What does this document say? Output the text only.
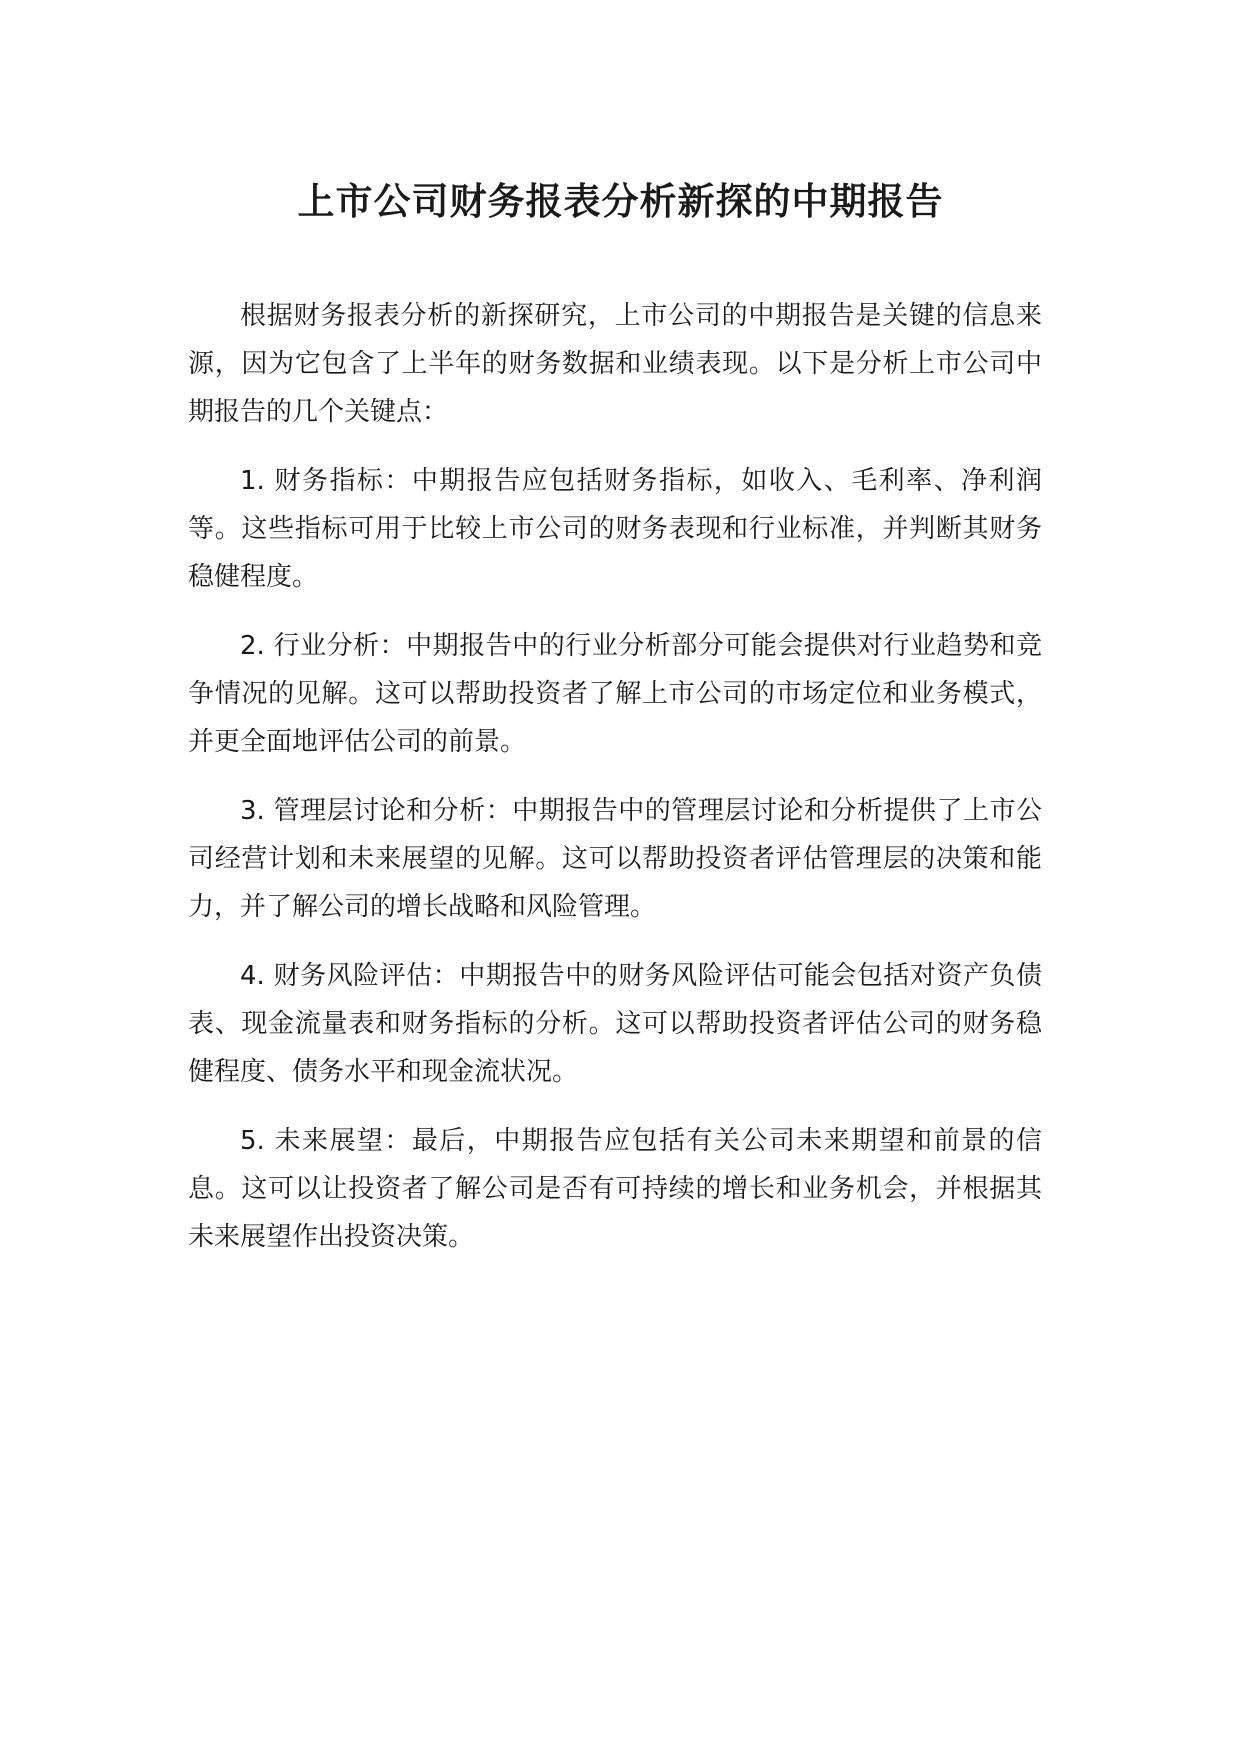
上市公司财务报表分析新探的中期报告

根据财务报表分析的新探研究，上市公司的中期报告是关键的信息来源，因为它包含了上半年的财务数据和业绩表现。以下是分析上市公司中期报告的几个关键点：

1. 财务指标：中期报告应包括财务指标，如收入、毛利率、净利润等。这些指标可用于比较上市公司的财务表现和行业标准，并判断其财务稳健程度。

2. 行业分析：中期报告中的行业分析部分可能会提供对行业趋势和竞争情况的见解。这可以帮助投资者了解上市公司的市场定位和业务模式，并更全面地评估公司的前景。

3. 管理层讨论和分析：中期报告中的管理层讨论和分析提供了上市公司经营计划和未来展望的见解。这可以帮助投资者评估管理层的决策和能力，并了解公司的增长战略和风险管理。

4. 财务风险评估：中期报告中的财务风险评估可能会包括对资产负债表、现金流量表和财务指标的分析。这可以帮助投资者评估公司的财务稳健程度、债务水平和现金流状况。

5. 未来展望：最后，中期报告应包括有关公司未来期望和前景的信息。这可以让投资者了解公司是否有可持续的增长和业务机会，并根据其未来展望作出投资决策。
